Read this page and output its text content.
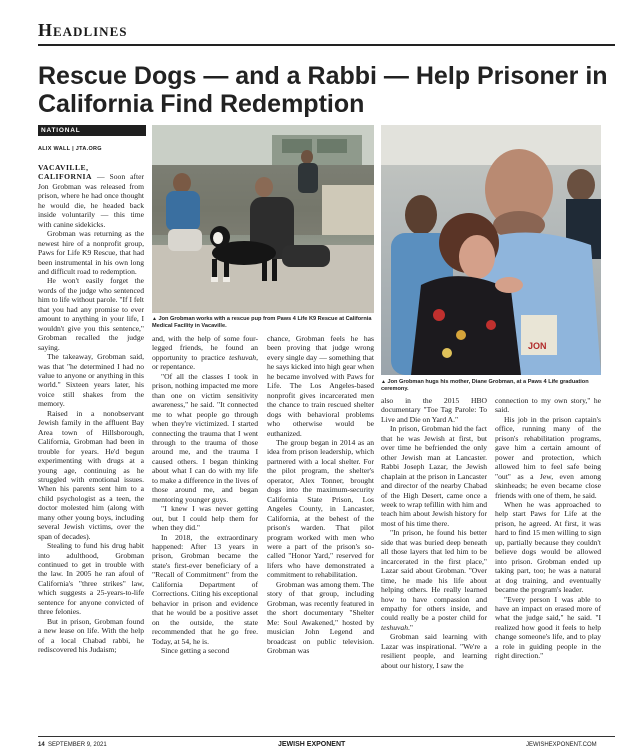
Headlines
Rescue Dogs — and a Rabbi — Help Prisoner in California Find Redemption
NATIONAL
ALIX WALL | JTA.ORG

VACAVILLE, CALIFORNIA — Soon after Jon Grobman was released from prison, where he had once thought he would die, he headed back inside voluntarily — this time with canine sidekicks.

Grobman was returning as the newest hire of a nonprofit group, Paws for Life K9 Rescue, that had been instrumental in his own long and difficult road to redemption.

He won't easily forget the words of the judge who sentenced him to life without parole. "If I felt that you had any promise to ever amount to anything in your life, I wouldn't give you this sentence," Grobman recalled the judge saying.

The takeaway, Grobman said, was that "he determined I had no value to anyone or anything in this world." Sixteen years later, his voice still shakes from the memory.

Raised in a nonobservant Jewish family in the affluent Bay Area town of Hillsborough, California, Grobman had been in trouble for years. He'd begun experimenting with drugs at a young age, continuing as he struggled with emotional issues. When his parents sent him to a child psychologist as a teen, the doctor molested him (along with many other young boys, including several Jewish victims, over the span of decades).

Stealing to fund his drug habit into adulthood, Grobman continued to get in trouble with the law. In 2005 he ran afoul of California's "three strikes" law, which suggests a 25-years-to-life sentence for anyone convicted of three felonies.

But in prison, Grobman found a new lease on life. With the help of a local Chabad rabbi, he rediscovered his Judaism;

▲ Jon Grobman works with a rescue pup from Paws 4 Life K9 Rescue at California Medical Facility in Vacaville.
JON
▲ Jon Grobman hugs his mother, Diane Grobman, at a Paws 4 Life graduation ceremony.

and, with the help of some four-legged friends, he found an opportunity to practice teshuvah, or repentance.

"Of all the classes I took in prison, nothing impacted me more than one on victim sensitivity awareness," he said. "It connected me to what people go through when they're victimized. I started connecting the trauma that I went through to the trauma of those around me, and the trauma I caused others. I began thinking about what I can do with my life to make a difference in the lives of those around me, and began mentoring younger guys.

"I knew I was never getting out, but I could help them for when they did."

In 2018, the extraordinary happened: After 13 years in prison, Grobman became the state's first-ever beneficiary of a "Recall of Commitment" from the California Department of Corrections. Citing his exceptional behavior in prison and evidence that he would be a positive asset on the outside, the state recommended that he go free. Today, at 54, he is.

Since getting a second

chance, Grobman feels he has been proving that judge wrong every single day — something that he says kicked into high gear when he became involved with Paws for Life. The Los Angeles-based nonprofit gives incarcerated men the chance to train rescued shelter dogs with behavioral problems who otherwise would be euthanized.

The group began in 2014 as an idea from prison leadership, which partnered with a local shelter. For the pilot program, the shelter's operator, Alex Tonner, brought dogs into the maximum-security California State Prison, Los Angeles County, in Lancaster, California, at the behest of the prison's warden. That pilot program worked with men who were a part of the prison's so-called "Honor Yard," reserved for lifers who have demonstrated a commitment to rehabilitation.

Grobman was among them. The story of that group, including Grobman, was recently featured in the short documentary "Shelter Me: Soul Awakened," hosted by musician John Legend and broadcast on public television. Grobman was

also in the 2015 HBO documentary "Toe Tag Parole: To Live and Die on Yard A."

In prison, Grobman hid the fact that he was Jewish at first, but over time he befriended the only other Jewish man at Lancaster. Rabbi Joseph Lazar, the Jewish chaplain at the prison in Lancaster and director of the nearby Chabad of the High Desert, came once a week to wrap tefillin with him and teach him about Jewish history for most of his time there.

"In prison, he found his better side that was buried deep beneath all those layers that led him to be incarcerated in the first place," Lazar said about Grobman. "Over time, he made his life about helping others. He really learned how to have compassion and empathy for others inside, and could really be a poster child for teshuvah."

Grobman said learning with Lazar was inspirational. "We're a resilient people, and learning about our history, I saw the

connection to my own story," he said.

His job in the prison captain's office, running many of the prison's rehabilitation programs, gave him a certain amount of power and protection, which allowed him to feel safe being "out" as a Jew, even among skinheads; he even became close friends with one of them, he said.

When he was approached to help start Paws for Life at the prison, he agreed. At first, it was hard to find 15 men willing to sign up, partially because they couldn't believe dogs would be allowed into prison. Grobman ended up taking part, too; he was a natural at dog training, and eventually became the program's leader.

"Every person I was able to have an impact on erased more of what the judge said," he said. "I realized how good it feels to help change someone's life, and to play a role in guiding people in the right direction."

14 SEPTEMBER 9, 2021	JEWISH EXPONENT	JEWISHEXPONENT.COM
